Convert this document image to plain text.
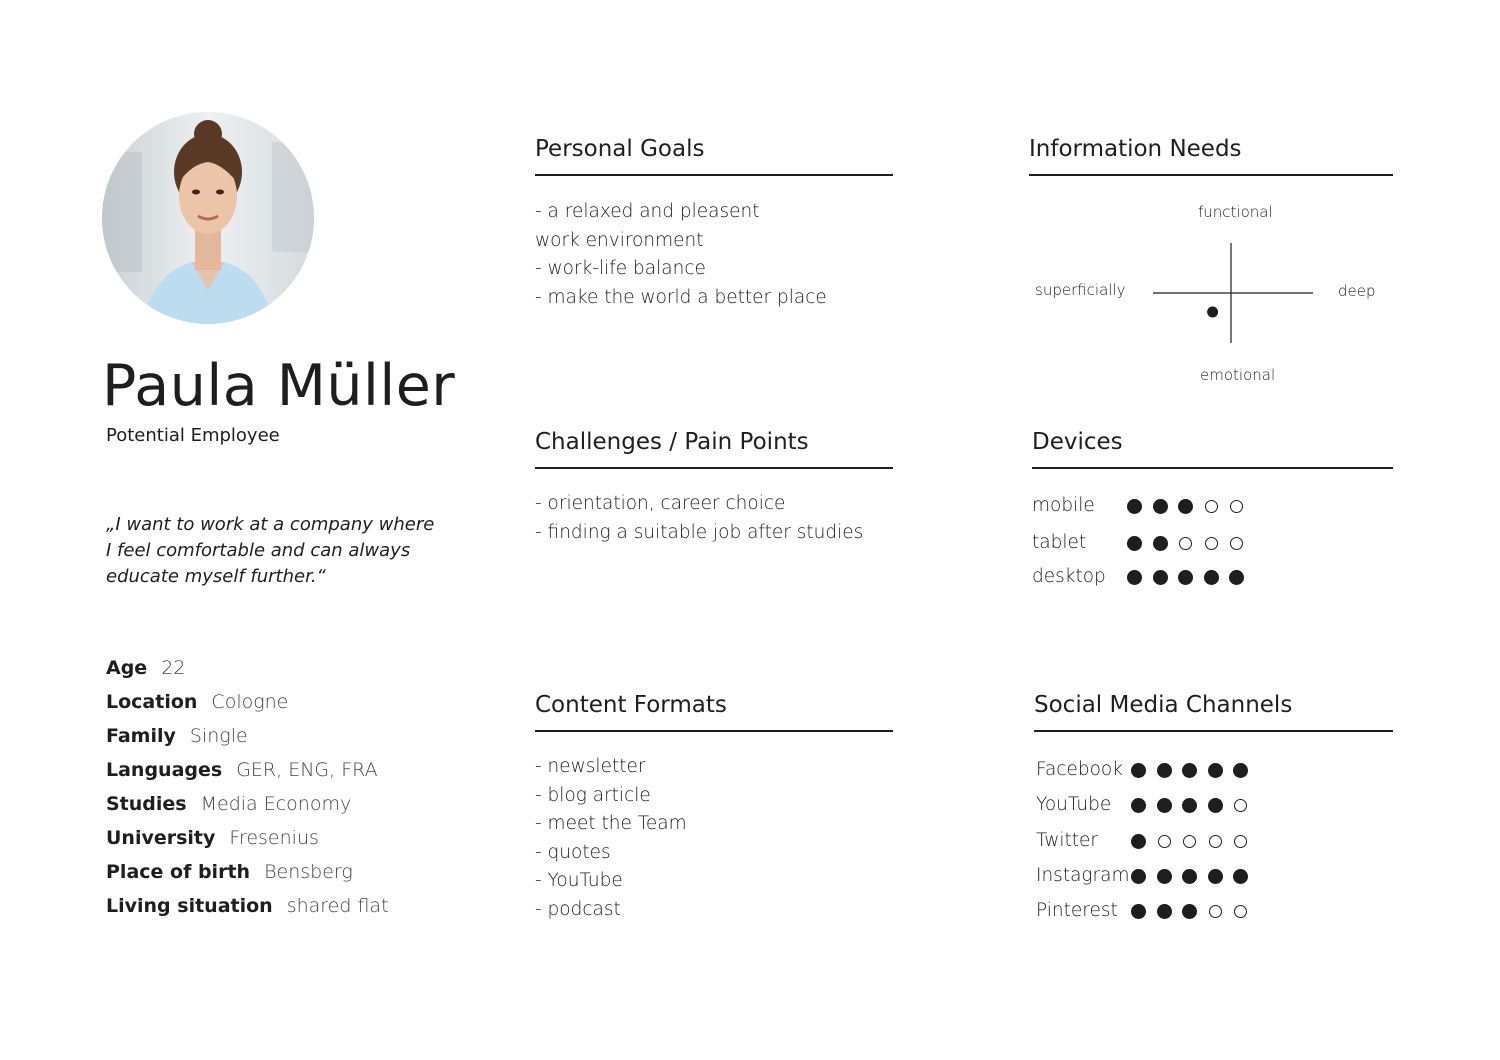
Paula Müller
Potential Employee
„I want to work at a company where
I feel comfortable and can always
educate myself further.“
Age 22
Location Cologne
Family Single
Languages GER, ENG, FRA
Studies Media Economy
University Fresenius
Place of birth Bensberg
Living situation shared flat
Personal Goals
- a relaxed and pleasent
work environment
- work-life balance
- make the world a better place
Challenges / Pain Points
- orientation, career choice
- finding a suitable job after studies
Content Formats
- newsletter
- blog article
- meet the Team
- quotes
- YouTube
- podcast
Information Needs
functional
emotional
superficially	deep
Devices
mobile
tablet
desktop
Social Media Channels
Facebook
YouTube
Twitter
Instagram
Pinterest
